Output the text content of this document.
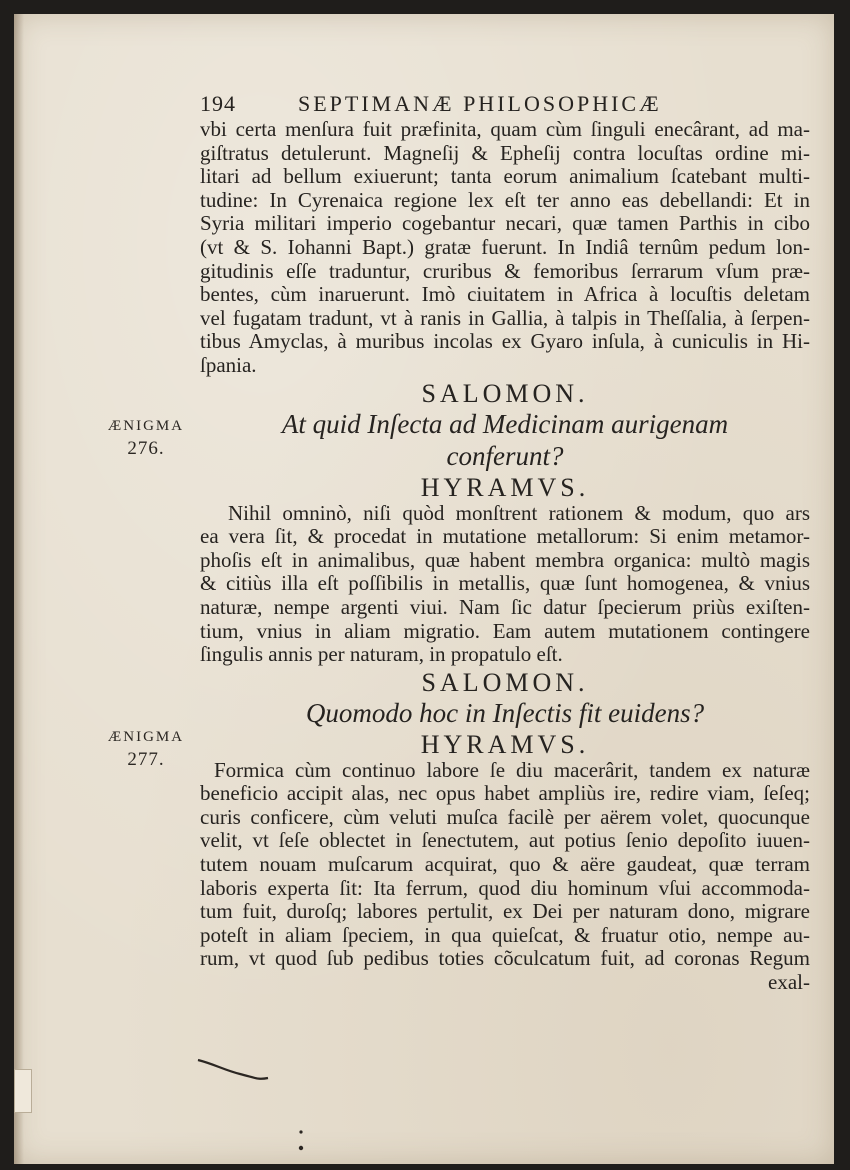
ÆNIGMA
276.
ÆNIGMA
277.
194	SEPTIMANÆ PHILOSOPHICÆ
vbi certa menſura fuit præfinita, quam cùm ſinguli enecârant, ad ma-
giſtratus detulerunt. Magneſij & Epheſij contra locuſtas ordine mi-
litari ad bellum exiuerunt; tanta eorum animalium ſcatebant multi-
tudine: In Cyrenaica regione lex eſt ter anno eas debellandi: Et in
Syria militari imperio cogebantur necari, quæ tamen Parthis in cibo
(vt & S. Iohanni Bapt.) gratæ fuerunt. In Indiâ ternûm pedum lon-
gitudinis eſſe traduntur, cruribus & femoribus ſerrarum vſum præ-
bentes, cùm inaruerunt. Imò ciuitatem in Africa à locuſtis deletam
vel fugatam tradunt, vt à ranis in Gallia, à talpis in Theſſalia, à ſerpen-
tibus Amyclas, à muribus incolas ex Gyaro inſula, à cuniculis in Hi-
ſpania.
SALOMON.
At quid Inſecta ad Medicinam aurigenam
conferunt?
HYRAMVS.
Nihil omninò, niſi quòd monſtrent rationem & modum, quo ars
ea vera ſit, & procedat in mutatione metallorum: Si enim metamor-
phoſis eſt in animalibus, quæ habent membra organica: multò magis
& citiùs illa eſt poſſibilis in metallis, quæ ſunt homogenea, & vnius
naturæ, nempe argenti viui. Nam ſic datur ſpecierum priùs exiſten-
tium, vnius in aliam migratio. Eam autem mutationem contingere
ſingulis annis per naturam, in propatulo eſt.
SALOMON.
Quomodo hoc in Inſectis fit euidens?
HYRAMVS.
Formica cùm continuo labore ſe diu macerârit, tandem ex naturæ
beneficio accipit alas, nec opus habet ampliùs ire, redire viam, ſeſeq;
curis conficere, cùm veluti muſca facilè per aërem volet, quocunque
velit, vt ſeſe oblectet in ſenectutem, aut potius ſenio depoſito iuuen-
tutem nouam muſcarum acquirat, quo & aëre gaudeat, quæ terram
laboris experta ſit: Ita ferrum, quod diu hominum vſui accommoda-
tum fuit, duroſq; labores pertulit, ex Dei per naturam dono, migrare
poteſt in aliam ſpeciem, in qua quieſcat, & fruatur otio, nempe au-
rum, vt quod ſub pedibus toties cõculcatum fuit, ad coronas Regum
exal-
